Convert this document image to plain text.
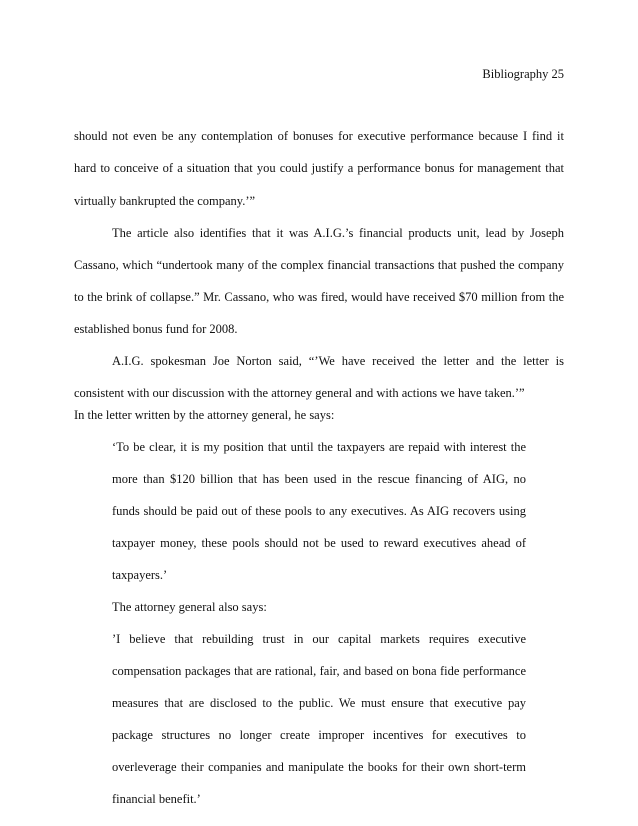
Bibliography 25
should not even be any contemplation of bonuses for executive performance because I find it
hard to conceive of a situation that you could justify a performance bonus for management that
virtually bankrupted the company.’”
The article also identifies that it was A.I.G.’s financial products unit, lead by Joseph
Cassano, which “undertook many of the complex financial transactions that pushed the company
to the brink of collapse.” Mr. Cassano, who was fired, would have received $70 million from the
established bonus fund for 2008.
A.I.G. spokesman Joe Norton said, “’We have received the letter and the letter is
consistent with our discussion with the attorney general and with actions we have taken.’”
In the letter written by the attorney general, he says:
‘To be clear, it is my position that until the taxpayers are repaid with interest the
more than $120 billion that has been used in the rescue financing of AIG, no
funds should be paid out of these pools to any executives. As AIG recovers using
taxpayer money, these pools should not be used to reward executives ahead of
taxpayers.’
The attorney general also says:
’I believe that rebuilding trust in our capital markets requires executive
compensation packages that are rational, fair, and based on bona fide performance
measures that are disclosed to the public. We must ensure that executive pay
package structures no longer create improper incentives for executives to
overleverage their companies and manipulate the books for their own short-term
financial benefit.’
